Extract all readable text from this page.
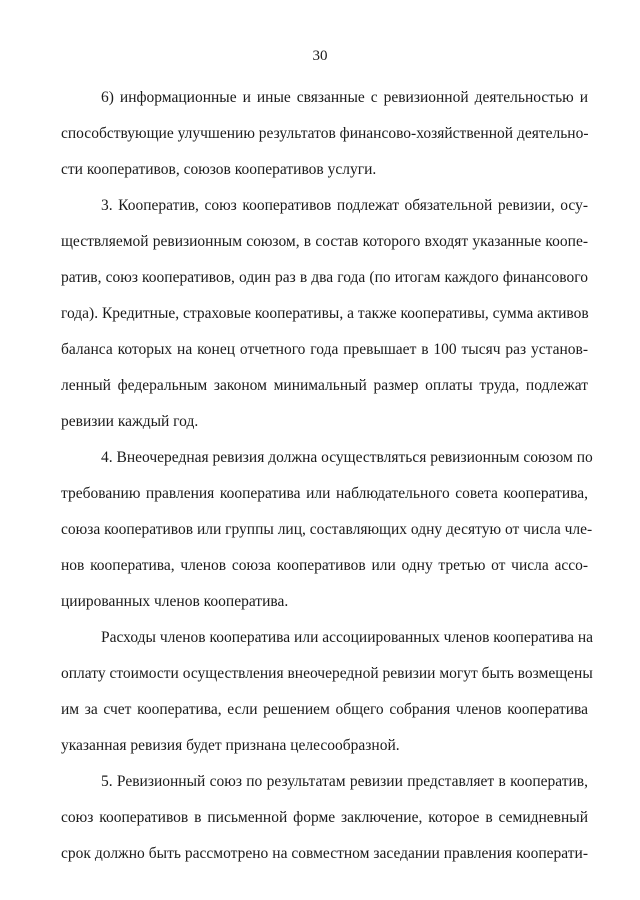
30
6) информационные и иные связанные с ревизионной деятельностью и
способствующие улучшению результатов финансово-хозяйственной деятельно-
сти кооперативов, союзов кооперативов услуги.
3. Кооператив, союз кооперативов подлежат обязательной ревизии, осу-
ществляемой ревизионным союзом, в состав которого входят указанные коопе-
ратив, союз кооперативов, один раз в два года (по итогам каждого финансового
года). Кредитные, страховые кооперативы, а также кооперативы, сумма активов
баланса которых на конец отчетного года превышает в 100 тысяч раз установ-
ленный федеральным законом минимальный размер оплаты труда, подлежат
ревизии каждый год.
4. Внеочередная ревизия должна осуществляться ревизионным союзом по
требованию правления кооператива или наблюдательного совета кооператива,
союза кооперативов или группы лиц, составляющих одну десятую от числа чле-
нов кооператива, членов союза кооперативов или одну третью от числа ассо-
циированных членов кооператива.
Расходы членов кооператива или ассоциированных членов кооператива на
оплату стоимости осуществления внеочередной ревизии могут быть возмещены
им за счет кооператива, если решением общего собрания членов кооператива
указанная ревизия будет признана целесообразной.
5. Ревизионный союз по результатам ревизии представляет в кооператив,
союз кооперативов в письменной форме заключение, которое в семидневный
срок должно быть рассмотрено на совместном заседании правления кооперати-
